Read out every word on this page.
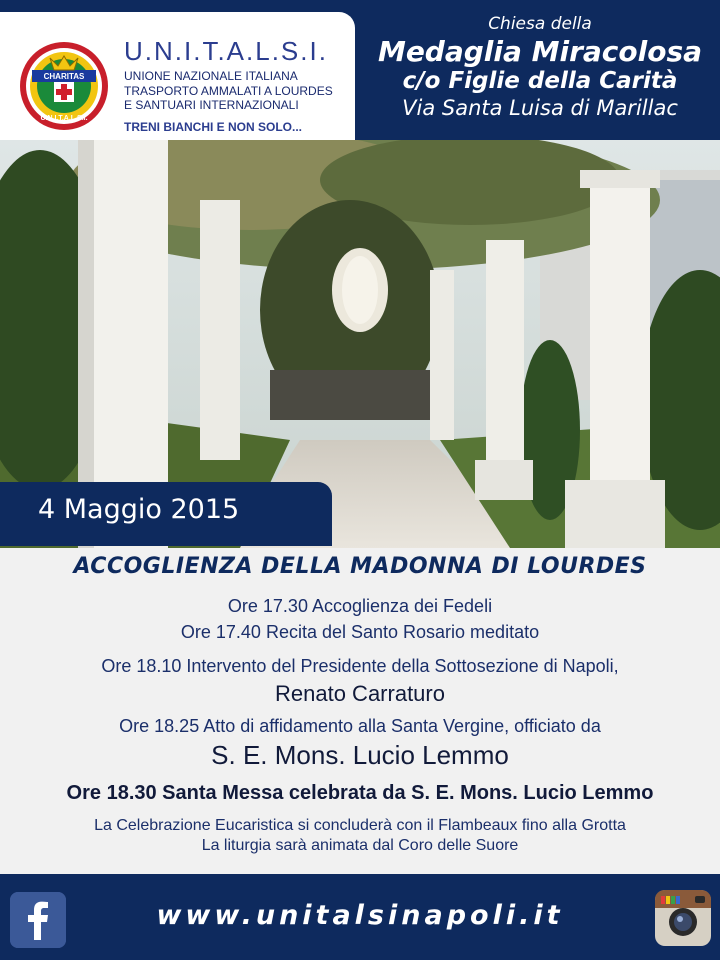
CHARITAS
U.N.I.T.A.L.S.I.
U.N.I.T.A.L.S.I.
UNIONE NAZIONALE ITALIANA
TRASPORTO AMMALATI A LOURDES
E SANTUARI INTERNAZIONALI
TRENI BIANCHI E NON SOLO...
Chiesa della
Medaglia Miracolosa
c/o Figlie della Carità
Via Santa Luisa di Marillac
4 Maggio 2015
ACCOGLIENZA DELLA MADONNA DI LOURDES
Ore 17.30 Accoglienza dei Fedeli
Ore 17.40 Recita del Santo Rosario meditato
Ore 18.10 Intervento del Presidente della Sottosezione di Napoli,
Renato Carraturo
Ore 18.25 Atto di affidamento alla Santa Vergine, officiato da
S. E. Mons. Lucio Lemmo
Ore 18.30 Santa Messa celebrata da S. E. Mons. Lucio Lemmo
La Celebrazione Eucaristica si concluderà con il Flambeaux fino alla Grotta
La liturgia sarà animata dal Coro delle Suore
www.unitalsinapoli.it
